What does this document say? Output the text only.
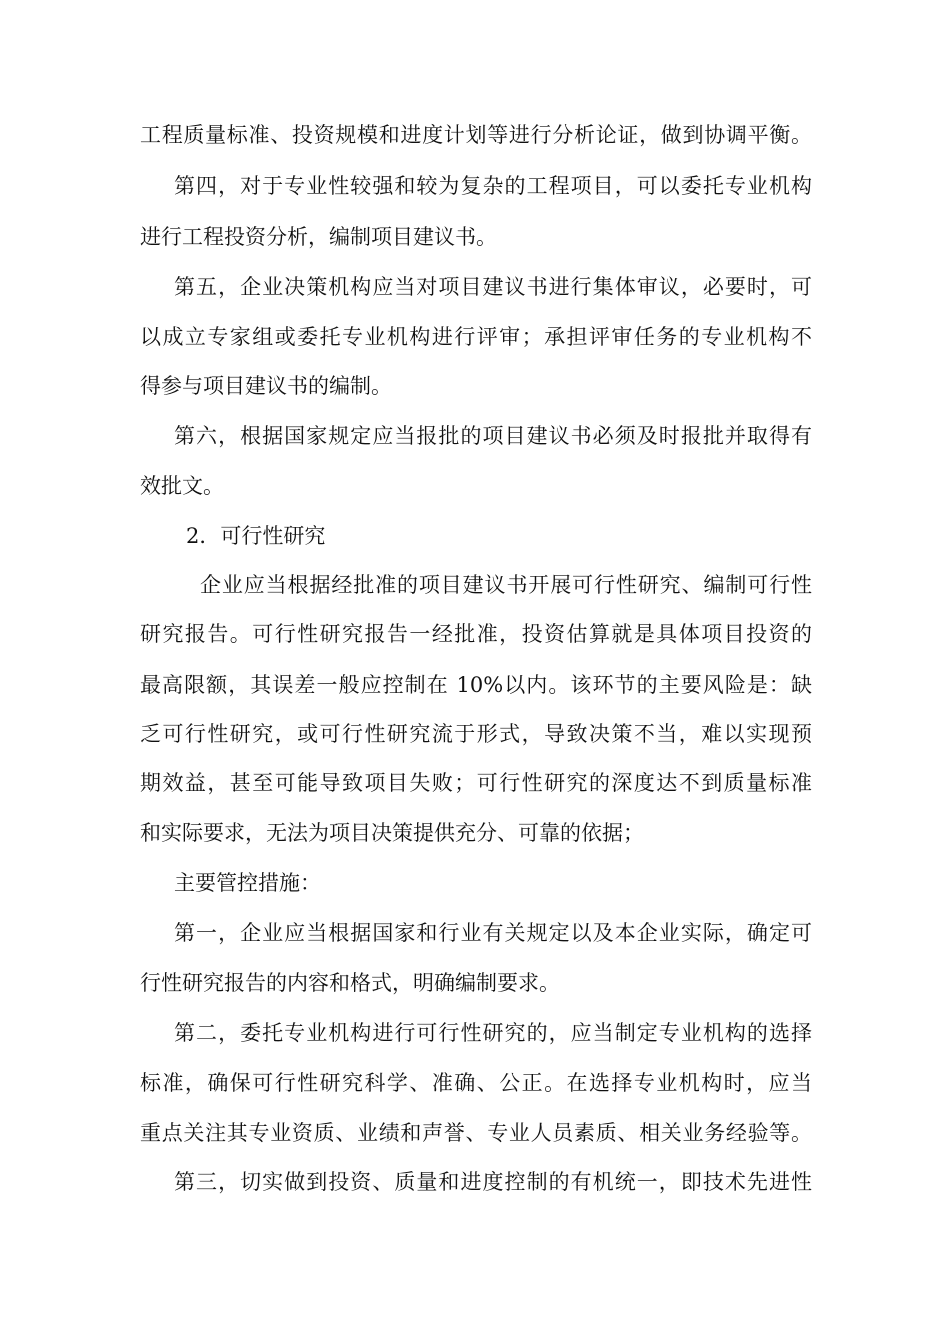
工程质量标准、投资规模和进度计划等进行分析论证，做到协调平衡。
第四，对于专业性较强和较为复杂的工程项目，可以委托专业机构
进行工程投资分析，编制项目建议书。
第五，企业决策机构应当对项目建议书进行集体审议，必要时，可
以成立专家组或委托专业机构进行评审；承担评审任务的专业机构不
得参与项目建议书的编制。
第六，根据国家规定应当报批的项目建议书必须及时报批并取得有
效批文。
2．可行性研究
企业应当根据经批准的项目建议书开展可行性研究、编制可行性
研究报告。可行性研究报告一经批准，投资估算就是具体项目投资的
最高限额，其误差一般应控制在 10%以内。该环节的主要风险是：缺
乏可行性研究，或可行性研究流于形式，导致决策不当，难以实现预
期效益，甚至可能导致项目失败；可行性研究的深度达不到质量标准
和实际要求，无法为项目决策提供充分、可靠的依据；
主要管控措施：
第一，企业应当根据国家和行业有关规定以及本企业实际，确定可
行性研究报告的内容和格式，明确编制要求。
第二，委托专业机构进行可行性研究的，应当制定专业机构的选择
标准，确保可行性研究科学、准确、公正。在选择专业机构时，应当
重点关注其专业资质、业绩和声誉、专业人员素质、相关业务经验等。
第三，切实做到投资、质量和进度控制的有机统一，即技术先进性
